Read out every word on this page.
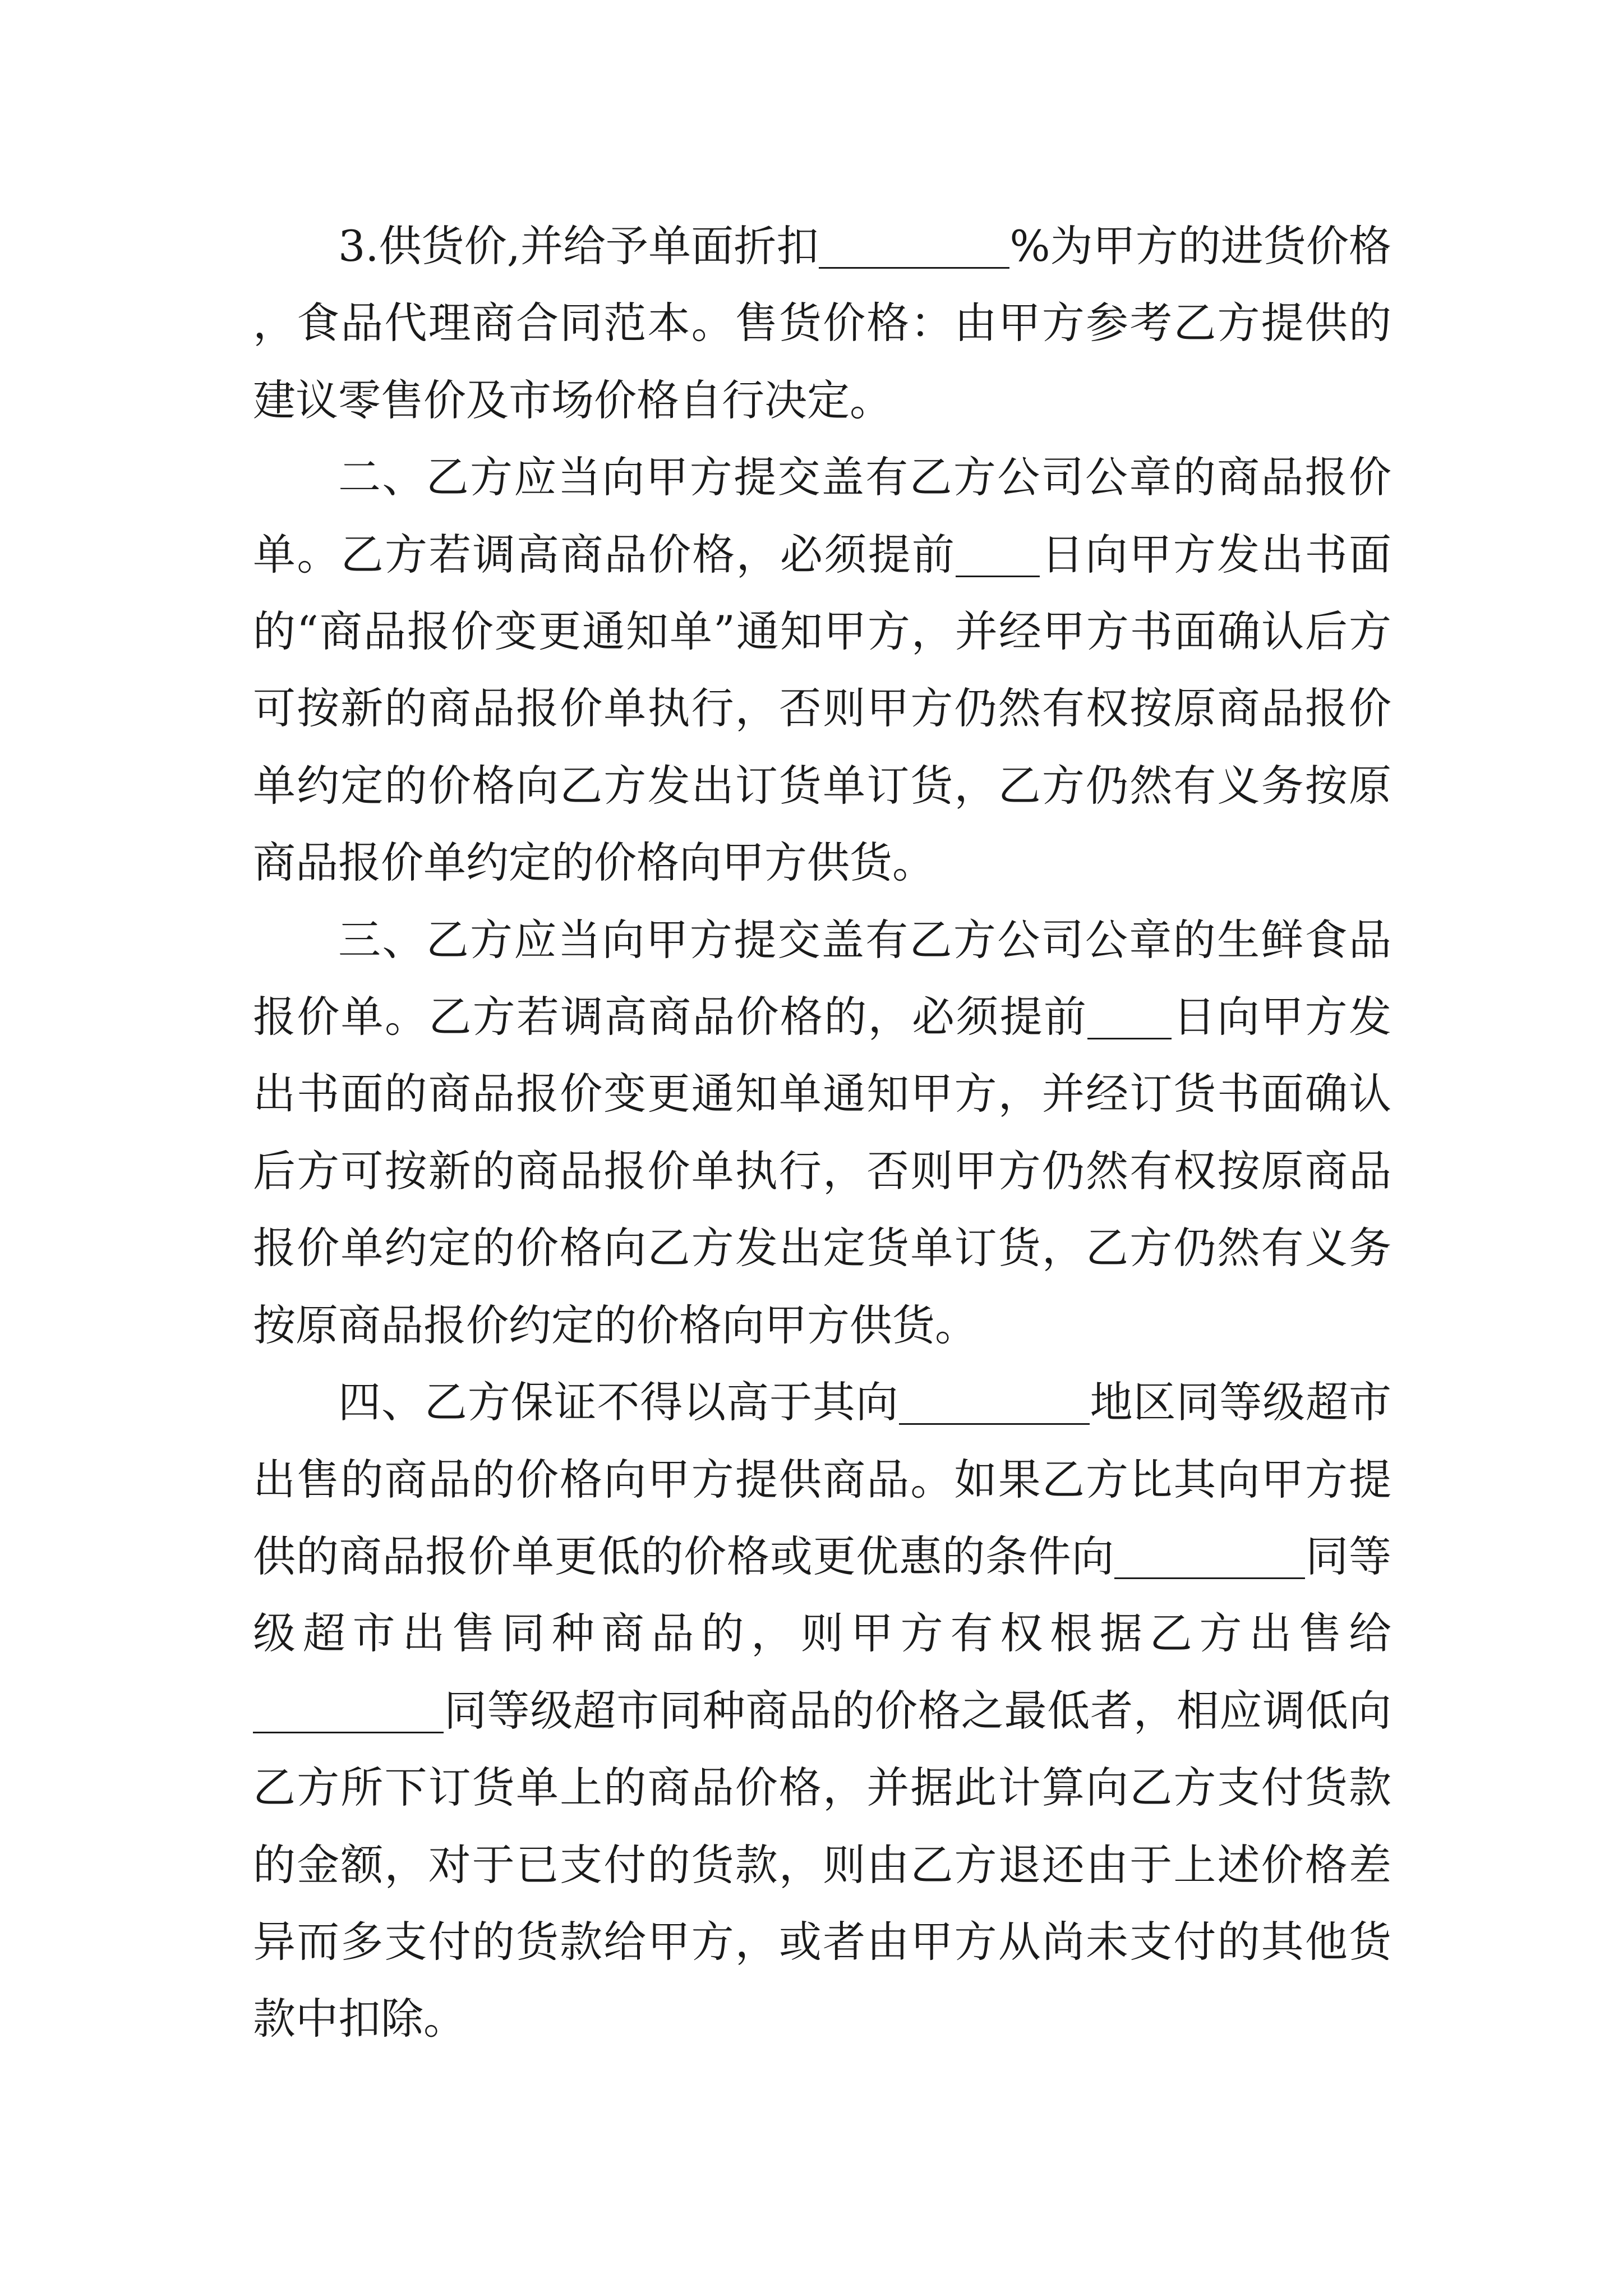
3.供货价,并给予单面折扣	%为甲方的进货价格，食品代理商合同范本。售货价格：由甲方参考乙方提供的建议零售价及市场价格自行决定。

二、乙方应当向甲方提交盖有乙方公司公章的商品报价单。乙方若调高商品价格，必须提前 日向甲方发出书面的“商品报价变更通知单”通知甲方，并经甲方书面确认后方可按新的商品报价单执行，否则甲方仍然有权按原商品报价单约定的价格向乙方发出订货单订货，乙方仍然有义务按原商品报价单约定的价格向甲方供货。

三、乙方应当向甲方提交盖有乙方公司公章的生鲜食品报价单。乙方若调高商品价格的，必须提前 日向甲方发出书面的商品报价变更通知单通知甲方，并经订货书面确认后方可按新的商品报价单执行，否则甲方仍然有权按原商品报价单约定的价格向乙方发出定货单订货，乙方仍然有义务按原商品报价约定的价格向甲方供货。

四、乙方保证不得以高于其向	地区同等级超市出售的商品的价格向甲方提供商品。如果乙方比其向甲方提供的商品报价单更低的价格或更优惠的条件向	同等级超市出售同种商品的，则甲方有权根据乙方出售给同等级超市同种商品的价格之最低者，相应调低向乙方所下订货单上的商品价格，并据此计算向乙方支付货款的金额，对于已支付的货款，则由乙方退还由于上述价格差异而多支付的货款给甲方，或者由甲方从尚未支付的其他货款中扣除。
